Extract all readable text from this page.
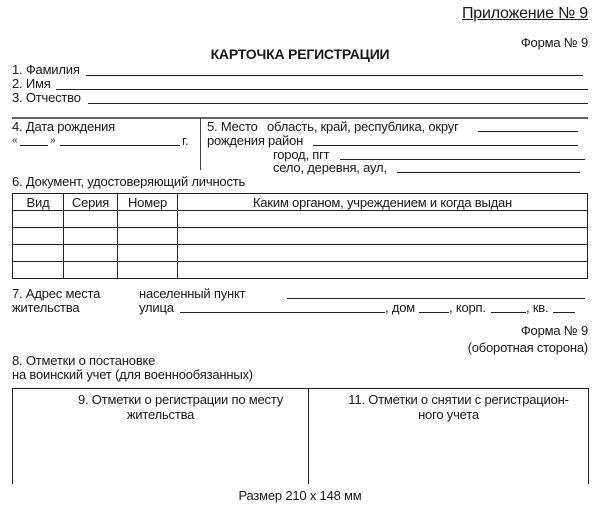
Приложение № 9
Форма № 9
КАРТОЧКА РЕГИСТРАЦИИ
1. Фамилия
2. Имя
3. Отчество
4. Дата рождения
«	»	г.
5. Место область, край, республика, округ
рождения район
город, пгт
село, деревня, аул,
6. Документ, удостоверяющий личность
Вид	Серия	Номер	Каким органом, учреждением и когда выдан

7. Адрес места
жительства
населенный пункт
улица	, дом	, корп.	, кв.
Форма № 9
(оборотная сторона)
8. Отметки о постановке
на воинский учет (для военнообязанных)
9. Отметки о регистрации по месту
жительства
11. Отметки о снятии с регистрацион-
ного учета
Размер 210 х 148 мм
